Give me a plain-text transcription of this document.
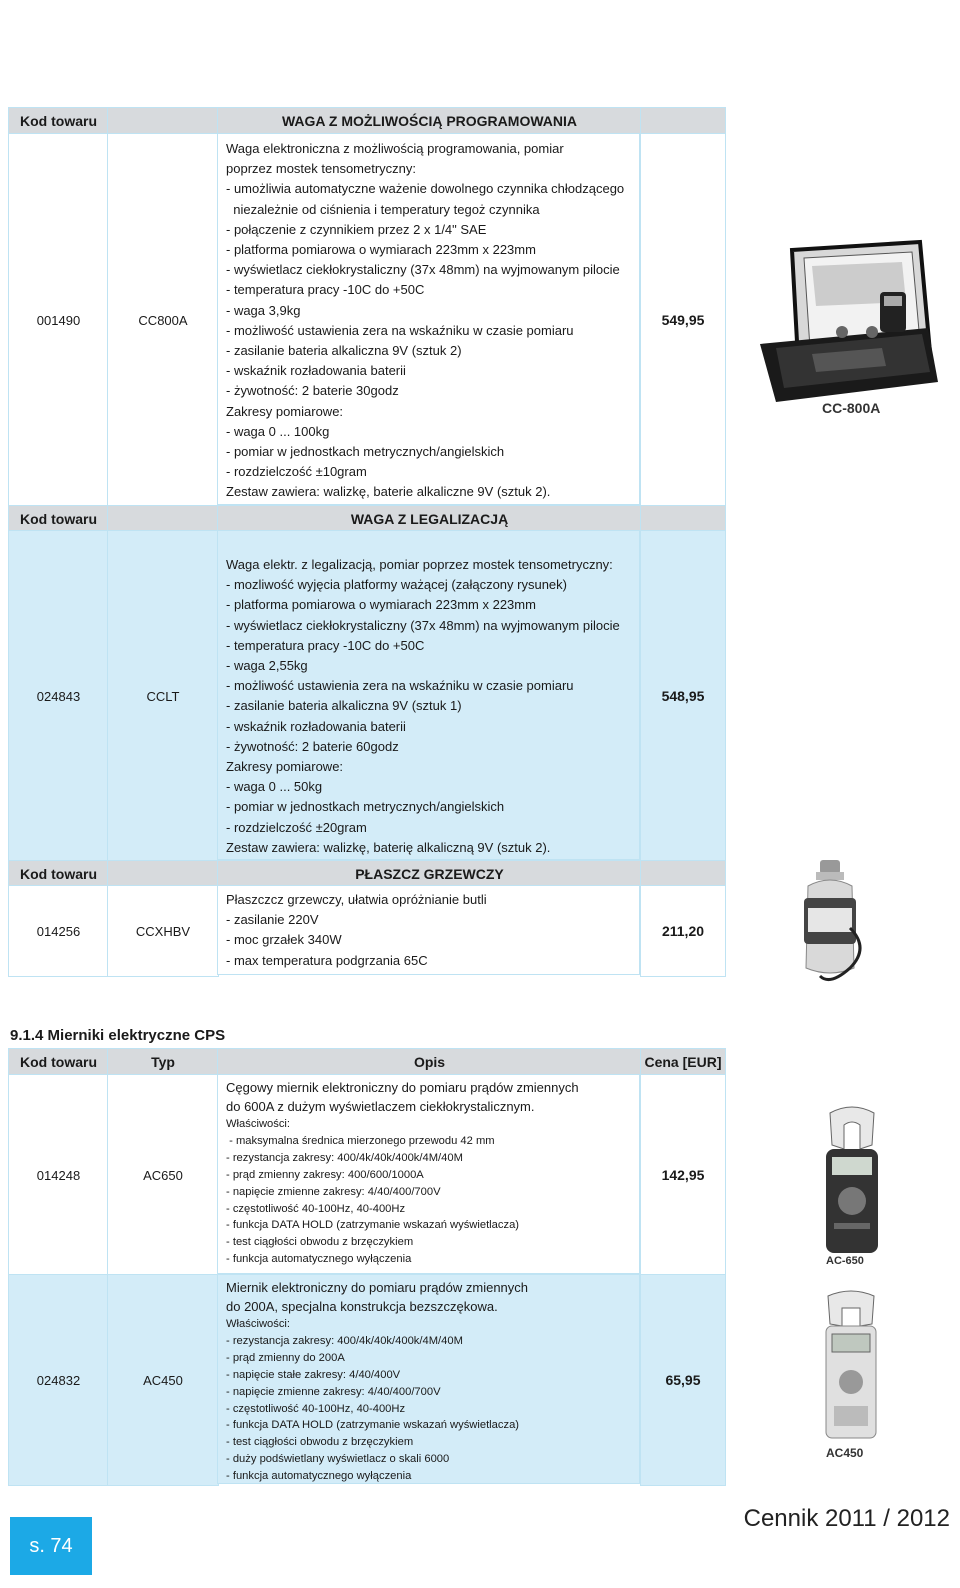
Kod towaru	WAGA Z MOŻLIWOŚCIĄ PROGRAMOWANIA
001490	CC800A
Waga elektroniczna z możliwością programowania, pomiar
poprzez mostek tensometryczny:
- umożliwia automatyczne ważenie dowolnego czynnika chłodzącego
niezależnie od ciśnienia i temperatury tegoż czynnika
- połączenie z czynnikiem przez 2 x 1/4" SAE
- platforma pomiarowa o wymiarach 223mm x 223mm
- wyświetlacz ciekłokrystaliczny (37x 48mm) na wyjmowanym pilocie
- temperatura pracy -10C do +50C
- waga 3,9kg
- możliwość ustawienia zera na wskaźniku w czasie pomiaru
- zasilanie bateria alkaliczna 9V (sztuk 2)
- wskaźnik rozładowania baterii
- żywotność: 2 baterie 30godz
Zakresy pomiarowe:
- waga 0 ... 100kg
- pomiar w jednostkach metrycznych/angielskich
- rozdzielczość ±10gram
Zestaw zawiera: walizkę, baterie alkaliczne 9V (sztuk 2).
549,95
CC-800A
Kod towaru	WAGA Z LEGALIZACJĄ
024843	CCLT
Waga elektr. z legalizacją, pomiar poprzez mostek tensometryczny:
- mozliwość wyjęcia platformy ważącej (załączony rysunek)
- platforma pomiarowa o wymiarach 223mm x 223mm
- wyświetlacz ciekłokrystaliczny (37x 48mm) na wyjmowanym pilocie
- temperatura pracy -10C do +50C
- waga 2,55kg
- możliwość ustawienia zera na wskaźniku w czasie pomiaru
- zasilanie bateria alkaliczna 9V (sztuk 1)
- wskaźnik rozładowania baterii
- żywotność: 2 baterie 60godz
Zakresy pomiarowe:
- waga 0 ... 50kg
- pomiar w jednostkach metrycznych/angielskich
- rozdzielczość ±20gram
Zestaw zawiera: walizkę, baterię alkaliczną 9V (sztuk 2).
548,95
Kod towaru	PŁASZCZ GRZEWCZY
014256	CCXHBV
Płaszczcz grzewczy, ułatwia opróżnianie butli
- zasilanie 220V
- moc grzałek 340W
- max temperatura podgrzania 65C
211,20
9.1.4 Mierniki elektryczne CPS
Kod towaru	Typ	Opis	Cena [EUR]
014248	AC650
Cęgowy miernik elektroniczny do pomiaru prądów zmiennych
do 600A z dużym wyświetlaczem ciekłokrystalicznym.
Właściwości:
- maksymalna średnica mierzonego przewodu 42 mm
- rezystancja zakresy: 400/4k/40k/400k/4M/40M
- prąd zmienny zakresy: 400/600/1000A
- napięcie zmienne zakresy: 4/40/400/700V
- częstotliwość 40-100Hz, 40-400Hz
- funkcja DATA HOLD (zatrzymanie wskazań wyświetlacza)
- test ciągłości obwodu z brzęczykiem
- funkcja automatycznego wyłączenia
142,95
024832	AC450
Miernik elektroniczny do pomiaru prądów zmiennych
do 200A, specjalna konstrukcja bezszczękowa.
Właściwości:
- rezystancja zakresy: 400/4k/40k/400k/4M/40M
- prąd zmienny do 200A
- napięcie stałe zakresy: 4/40/400V
- napięcie zmienne zakresy: 4/40/400/700V
- częstotliwość 40-100Hz, 40-400Hz
- funkcja DATA HOLD (zatrzymanie wskazań wyświetlacza)
- test ciągłości obwodu z brzęczykiem
- duży podświetlany wyświetlacz o skali 6000
- funkcja automatycznego wyłączenia
65,95
AC-650
AC450
s. 74
Cennik 2011 / 2012
